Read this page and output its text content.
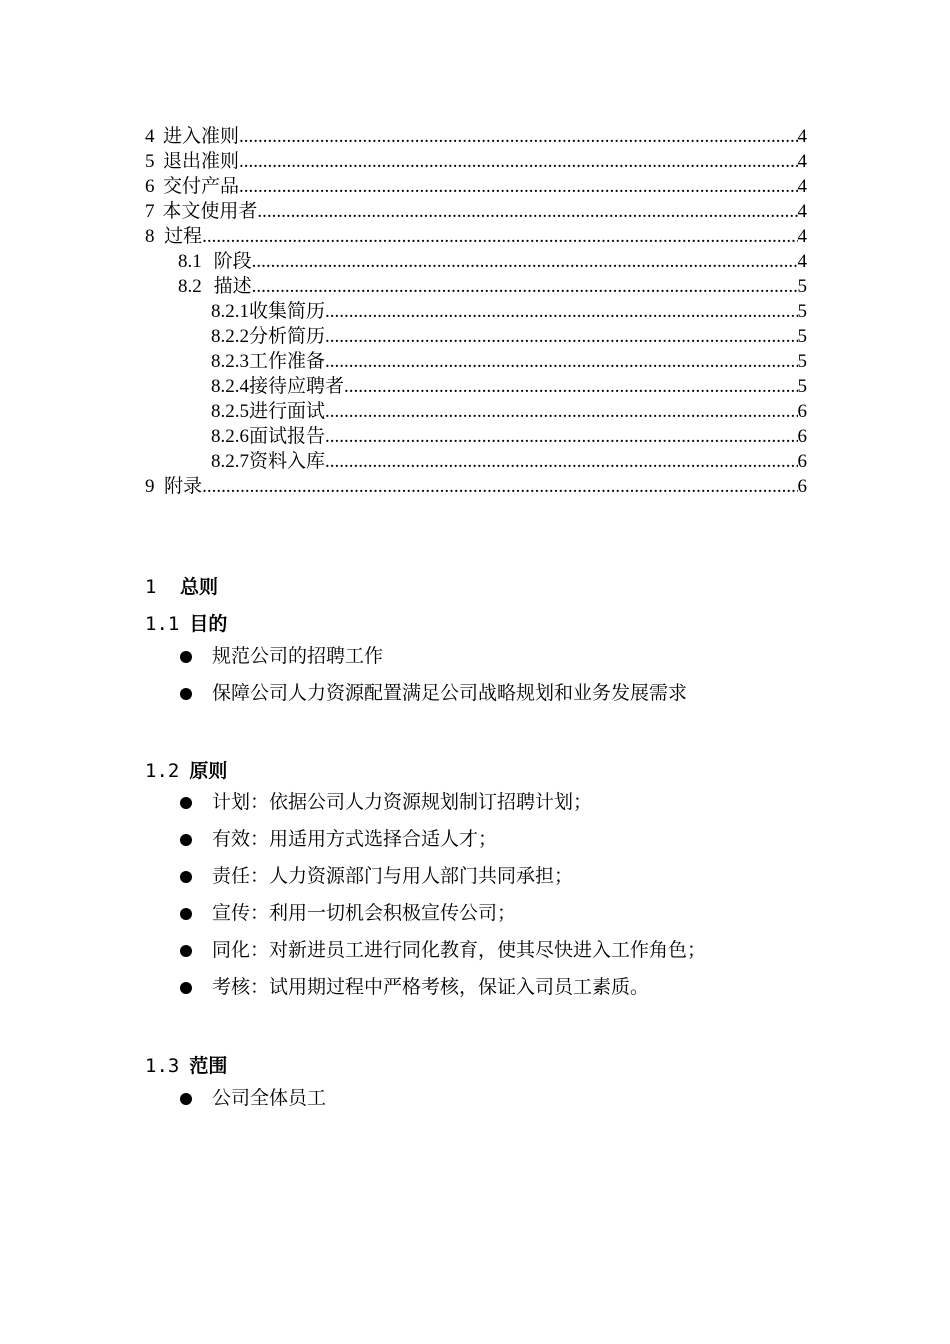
4 进入准则 .....	4
5 退出准则 .....	4
6 交付产品 .....	4
7 本文使用者 .....	4
8 过程 .....	4
8.1 阶段 .....	4
8.2 描述 .....	5
8.2.1 收集简历 .....	5
8.2.2 分析简历 .....	5
8.2.3 工作准备 .....	5
8.2.4 接待应聘者 .....	5
8.2.5 进行面试 .....	6
8.2.6 面试报告 .....	6
8.2.7 资料入库 .....	6
9 附录 .....	6
1 总则
1.1 目的
规范公司的招聘工作
保障公司人力资源配置满足公司战略规划和业务发展需求
1.2 原则
计划：依据公司人力资源规划制订招聘计划；
有效：用适用方式选择合适人才；
责任：人力资源部门与用人部门共同承担；
宣传：利用一切机会积极宣传公司；
同化：对新进员工进行同化教育，使其尽快进入工作角色；
考核：试用期过程中严格考核，保证入司员工素质。
1.3 范围
公司全体员工
